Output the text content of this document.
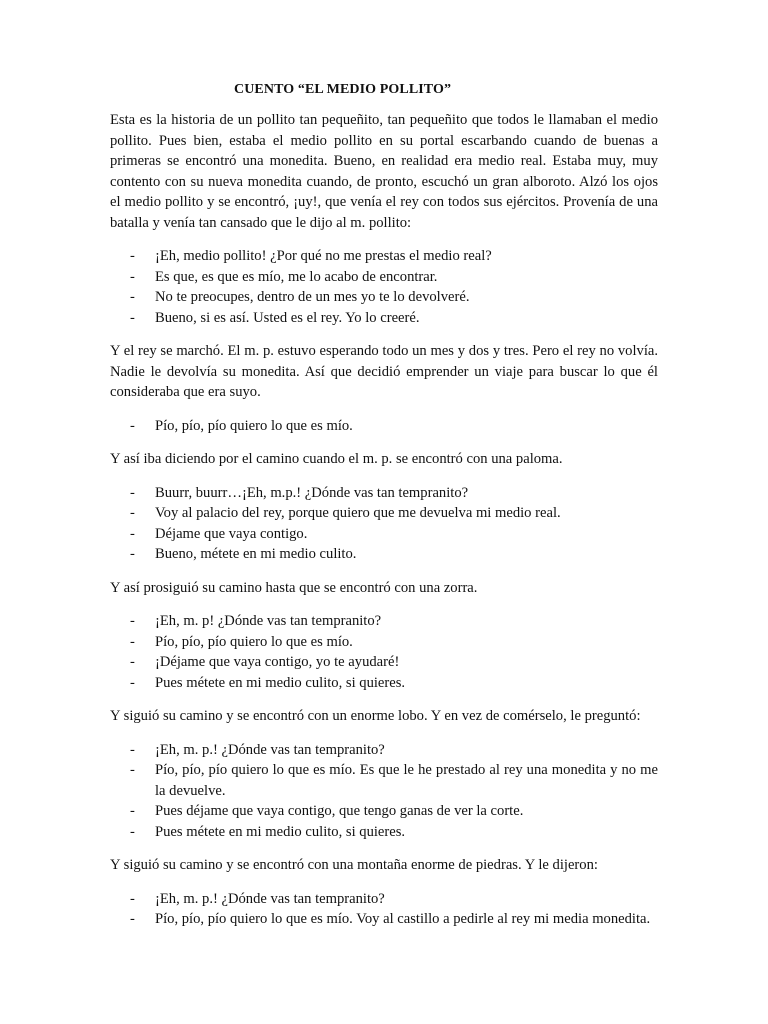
CUENTO “EL MEDIO POLLITO”

Esta es la historia de un pollito tan pequeñito, tan pequeñito que todos le llamaban el medio pollito. Pues bien, estaba el medio pollito en su portal escarbando cuando de buenas a primeras se encontró una monedita. Bueno, en realidad era medio real. Estaba muy, muy contento con su nueva monedita cuando, de pronto, escuchó un gran alboroto. Alzó los ojos el medio pollito y se encontró, ¡uy!, que venía el rey con todos sus ejércitos. Provenía de una batalla y venía tan cansado que le dijo al m. pollito:

- ¡Eh, medio pollito! ¿Por qué no me prestas el medio real?
- Es que, es que es mío, me lo acabo de encontrar.
- No te preocupes, dentro de un mes yo te lo devolveré.
- Bueno, si es así. Usted es el rey. Yo lo creeré.

Y el rey se marchó. El m. p. estuvo esperando todo un mes y dos y tres. Pero el rey no volvía. Nadie le devolvía su monedita. Así que decidió emprender un viaje para buscar lo que él consideraba que era suyo.

- Pío, pío, pío quiero lo que es mío.

Y así iba diciendo por el camino cuando el m. p. se encontró con una paloma.

- Buurr, buurr…¡Eh, m.p.! ¿Dónde vas tan tempranito?
- Voy al palacio del rey, porque quiero que me devuelva mi medio real.
- Déjame que vaya contigo.
- Bueno, métete en mi medio culito.

Y así prosiguió su camino hasta que se encontró con una zorra.

- ¡Eh, m. p! ¿Dónde vas tan tempranito?
- Pío, pío, pío quiero lo que es mío.
- ¡Déjame que vaya contigo, yo te ayudaré!
- Pues métete en mi medio culito, si quieres.

Y siguió su camino y se encontró con un enorme lobo. Y en vez de comérselo, le preguntó:

- ¡Eh, m. p.! ¿Dónde vas tan tempranito?
- Pío, pío, pío quiero lo que es mío. Es que le he prestado al rey una monedita y no me la devuelve.
- Pues déjame que vaya contigo, que tengo ganas de ver la corte.
- Pues métete en mi medio culito, si quieres.

Y siguió su camino y se encontró con una montaña enorme de piedras. Y le dijeron:

- ¡Eh, m. p.! ¿Dónde vas tan tempranito?
- Pío, pío, pío quiero lo que es mío. Voy al castillo a pedirle al rey mi media monedita.
